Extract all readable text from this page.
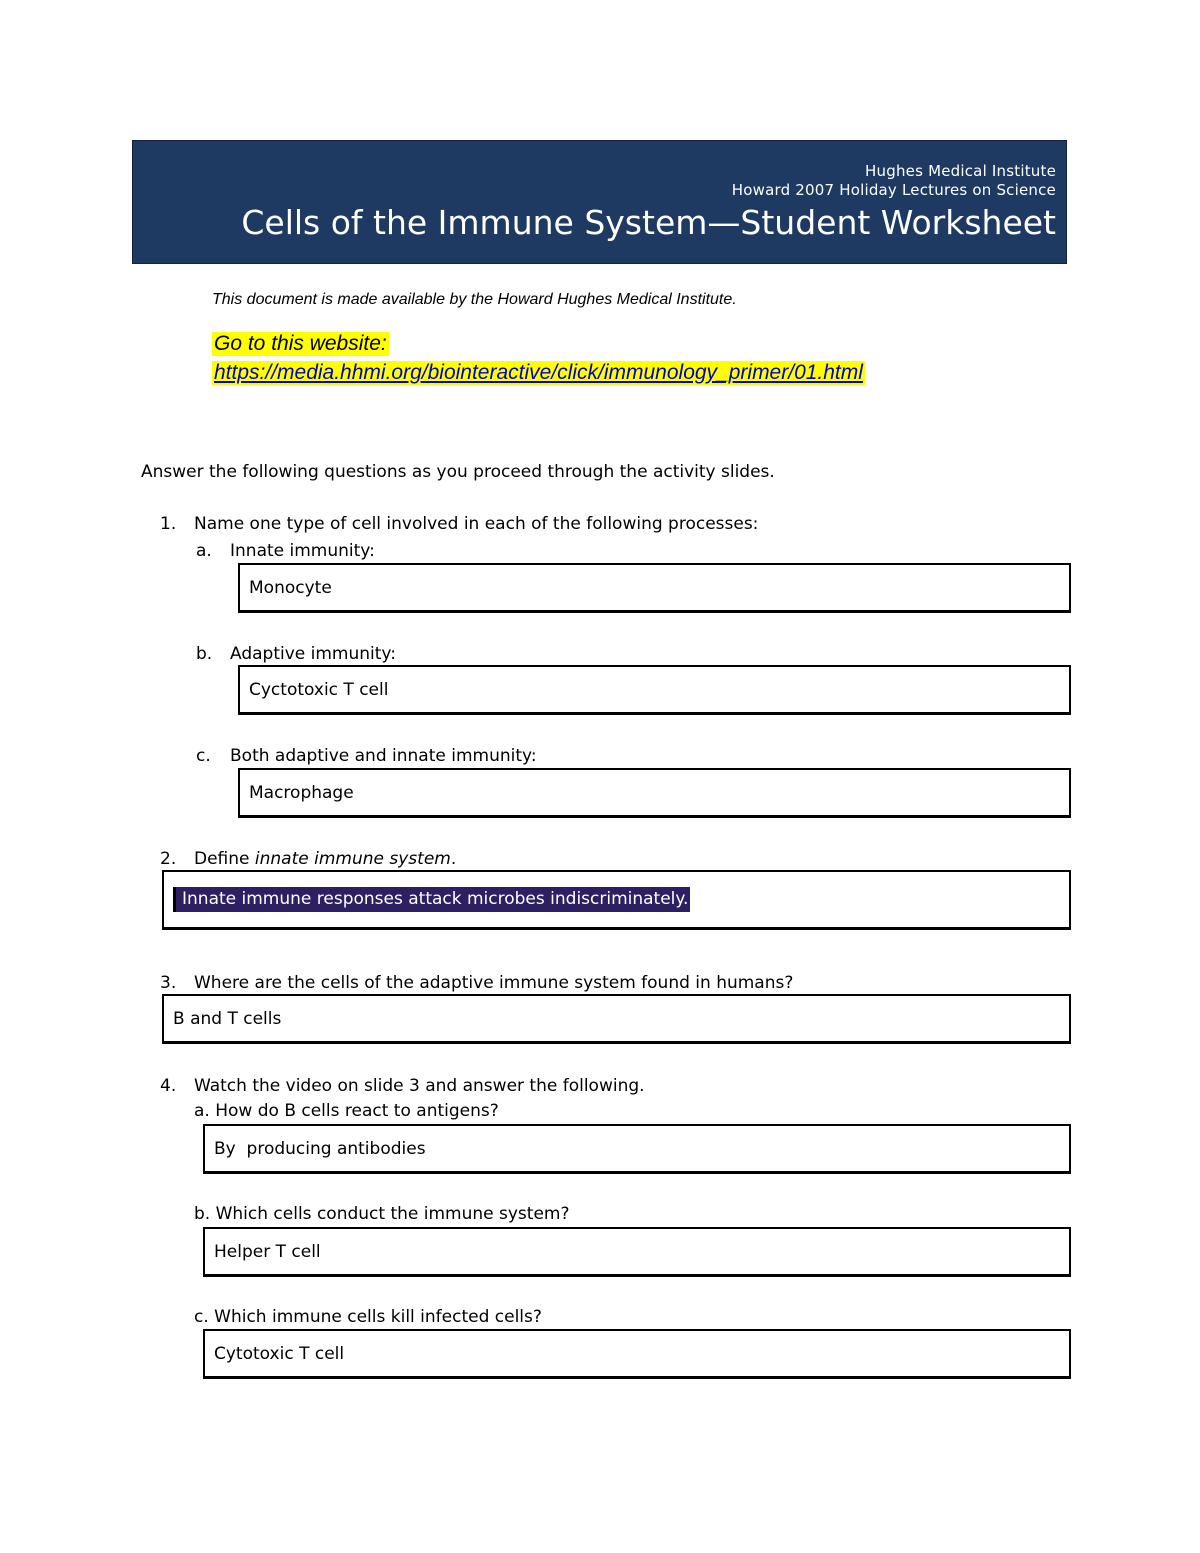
Hughes Medical Institute
Howard 2007 Holiday Lectures on Science
Cells of the Immune System—Student Worksheet
This document is made available by the Howard Hughes Medical Institute.
Go to this website:
https://media.hhmi.org/biointeractive/click/immunology_primer/01.html
Answer the following questions as you proceed through the activity slides.
1. Name one type of cell involved in each of the following processes:
a. Innate immunity:
Monocyte
b. Adaptive immunity:
Cyctotoxic T cell
c. Both adaptive and innate immunity:
Macrophage
2. Define innate immune system.
Innate immune responses attack microbes indiscriminately.
3. Where are the cells of the adaptive immune system found in humans?
B and T cells
4. Watch the video on slide 3 and answer the following.
a. How do B cells react to antigens?
By  producing antibodies
b. Which cells conduct the immune system?
Helper T cell
c. Which immune cells kill infected cells?
Cytotoxic T cell
